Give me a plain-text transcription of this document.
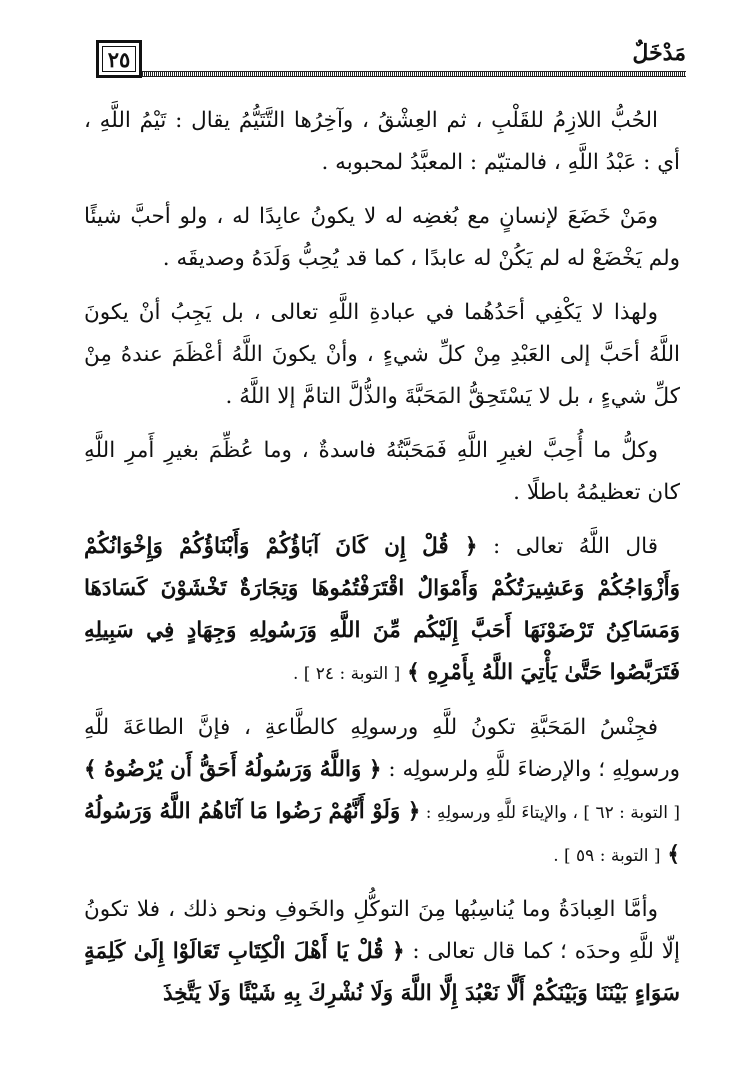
٢٥	مَدْخَلٌ

الحُبُّ اللازِمُ للقَلْبِ ، ثم العِشْقُ ، وآخِرُها التَّتَيُّمُ يقال : تَيْمُ اللَّهِ ، أي : عَبْدُ اللَّهِ ، فالمتيّم : المعبَّدُ لمحبوبه .

ومَنْ خَضَعَ لإنسانٍ مع بُغضِه له لا يكونُ عابِدًا له ، ولو أحبَّ شيئًا ولم يَخْضَعْ له لم يَكُنْ له عابدًا ، كما قد يُحِبُّ وَلَدَهُ وصديقَه .

ولهذا لا يَكْفِي أحَدُهُما في عبادةِ اللَّهِ تعالى ، بل يَجِبُ أنْ يكونَ اللَّهُ أحَبَّ إلى العَبْدِ مِنْ كلِّ شيءٍ ، وأنْ يكونَ اللَّهُ أعْظَمَ عندهُ مِنْ كلِّ شيءٍ ، بل لا يَسْتَحِقُّ المَحَبَّةَ والذُّلَّ التامَّ إلا اللَّهُ .

وكلُّ ما أُحِبَّ لغيرِ اللَّهِ فَمَحَبَّتُهُ فاسدةٌ ، وما عُظِّمَ بغيرِ أَمرِ اللَّهِ كان تعظيمُهُ باطلًا .

قال اللَّهُ تعالى : ﴿ قُلْ إِن كَانَ آبَاؤُكُمْ وَأَبْنَاؤُكُمْ وَإِخْوَانُكُمْ وَأَزْوَاجُكُمْ وَعَشِيرَتُكُمْ وَأَمْوَالٌ اقْتَرَفْتُمُوهَا وَتِجَارَةٌ تَخْشَوْنَ كَسَادَهَا وَمَسَاكِنُ تَرْضَوْنَهَا أَحَبَّ إِلَيْكُم مِّنَ اللَّهِ وَرَسُولِهِ وَجِهَادٍ فِي سَبِيلِهِ فَتَرَبَّصُوا حَتَّىٰ يَأْتِيَ اللَّهُ بِأَمْرِهِ ﴾ [ التوبة : ٢٤ ] .

فجِنْسُ المَحَبَّةِ تكونُ للَّهِ ورسولِهِ كالطَّاعةِ ، فإنَّ الطاعَةَ للَّهِ ورسولِهِ ؛ والإرضاءَ للَّهِ ولرسولِه : ﴿ وَاللَّهُ وَرَسُولُهُ أَحَقُّ أَن يُرْضُوهُ ﴾ [ التوبة : ٦٢ ] ، والإيتاءَ للَّهِ ورسولِهِ : ﴿ وَلَوْ أَنَّهُمْ رَضُوا مَا آتَاهُمُ اللَّهُ وَرَسُولُهُ ﴾ [ التوبة : ٥٩ ] .

وأمَّا العِبادَةُ وما يُناسِبُها مِنَ التوكُّلِ والخَوفِ ونحو ذلك ، فلا تكونُ إلّا للَّهِ وحدَه ؛ كما قال تعالى : ﴿ قُلْ يَا أَهْلَ الْكِتَابِ تَعَالَوْا إِلَىٰ كَلِمَةٍ سَوَاءٍ بَيْنَنَا وَبَيْنَكُمْ أَلَّا نَعْبُدَ إِلَّا اللَّهَ وَلَا نُشْرِكَ بِهِ شَيْئًا وَلَا يَتَّخِذَ
